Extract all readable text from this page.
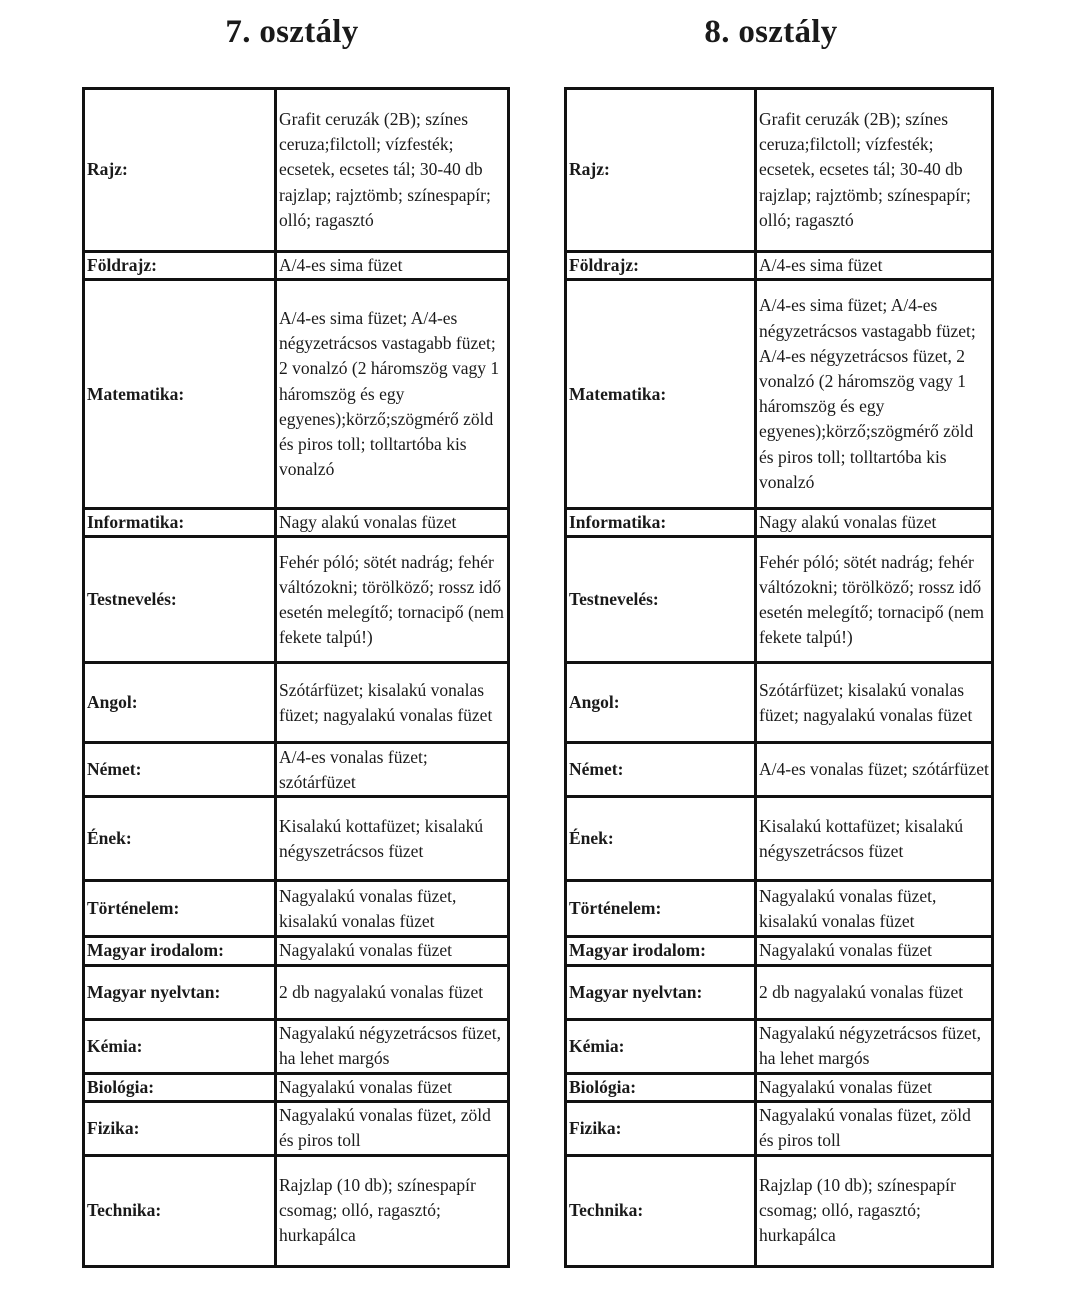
7. osztály
Rajz:	Grafit ceruzák (2B); színes ceruza;filctoll; vízfesték; ecsetek, ecsetes tál; 30-40 db rajzlap; rajztömb; színespapír; olló; ragasztó
Földrajz:	A/4-es sima füzet
Matematika:	A/4-es sima füzet; A/4-es négyzetrácsos vastagabb füzet; 2 vonalzó (2 háromszög vagy 1 háromszög és egy egyenes);körző;szögmérő zöld és piros toll; tolltartóba kis vonalzó
Informatika:	Nagy alakú vonalas füzet
Testnevelés:	Fehér póló; sötét nadrág; fehér váltózokni; törölköző; rossz idő esetén melegítő; tornacipő (nem fekete talpú!)
Angol:	Szótárfüzet; kisalakú vonalas füzet; nagyalakú vonalas füzet
Német:	A/4-es vonalas füzet; szótárfüzet
Ének:	Kisalakú kottafüzet; kisalakú négyszetrácsos füzet
Történelem:	Nagyalakú vonalas füzet, kisalakú vonalas füzet
Magyar irodalom:	Nagyalakú vonalas füzet
Magyar nyelvtan:	2 db nagyalakú vonalas füzet
Kémia:	Nagyalakú négyzetrácsos füzet, ha lehet margós
Biológia:	Nagyalakú vonalas füzet
Fizika:	Nagyalakú vonalas füzet, zöld és piros toll
Technika:	Rajzlap (10 db); színespapír csomag; olló, ragasztó; hurkapálca
8. osztály
Rajz:	Grafit ceruzák (2B); színes ceruza;filctoll; vízfesték; ecsetek, ecsetes tál; 30-40 db rajzlap; rajztömb; színespapír; olló; ragasztó
Földrajz:	A/4-es sima füzet
Matematika:	A/4-es sima füzet; A/4-es négyzetrácsos vastagabb füzet; A/4-es négyzetrácsos füzet, 2 vonalzó (2 háromszög vagy 1 háromszög és egy egyenes);körző;szögmérő zöld és piros toll; tolltartóba kis vonalzó
Informatika:	Nagy alakú vonalas füzet
Testnevelés:	Fehér póló; sötét nadrág; fehér váltózokni; törölköző; rossz idő esetén melegítő; tornacipő (nem fekete talpú!)
Angol:	Szótárfüzet; kisalakú vonalas füzet; nagyalakú vonalas füzet
Német:	A/4-es vonalas füzet; szótárfüzet
Ének:	Kisalakú kottafüzet; kisalakú négyszetrácsos füzet
Történelem:	Nagyalakú vonalas füzet, kisalakú vonalas füzet
Magyar irodalom:	Nagyalakú vonalas füzet
Magyar nyelvtan:	2 db nagyalakú vonalas füzet
Kémia:	Nagyalakú négyzetrácsos füzet, ha lehet margós
Biológia:	Nagyalakú vonalas füzet
Fizika:	Nagyalakú vonalas füzet, zöld és piros toll
Technika:	Rajzlap (10 db); színespapír csomag; olló, ragasztó; hurkapálca
